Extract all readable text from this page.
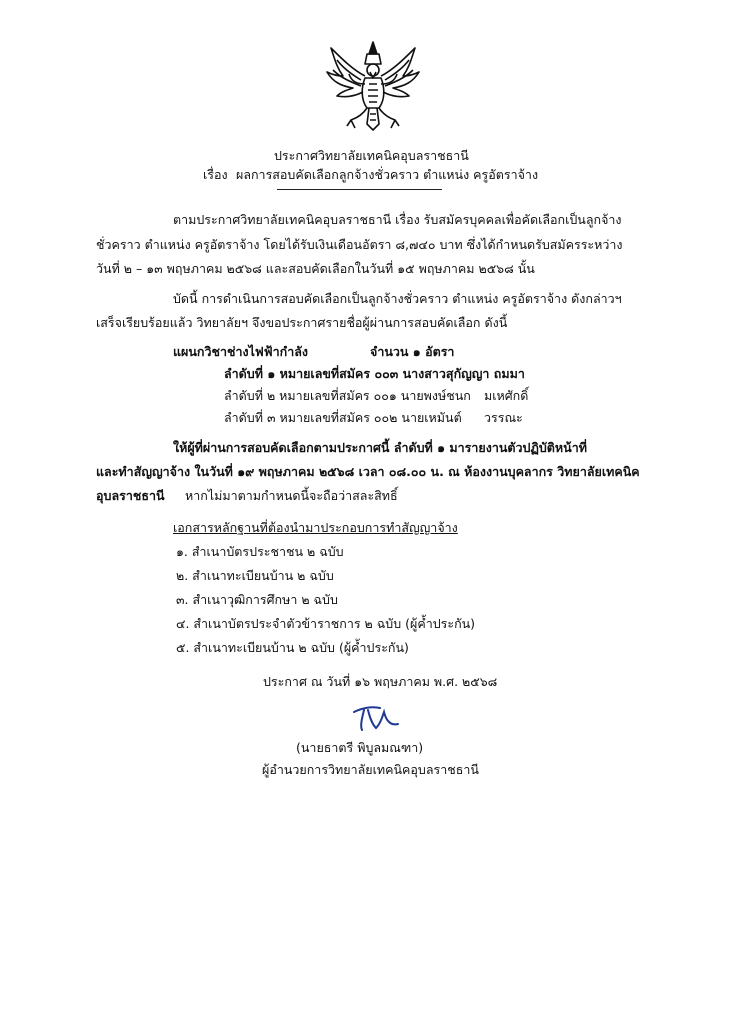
ประกาศวิทยาลัยเทคนิคอุบลราชธานี
เรื่อง ผลการสอบคัดเลือกลูกจ้างชั่วคราว ตำแหน่ง ครูอัตราจ้าง
ตามประกาศวิทยาลัยเทคนิคอุบลราชธานี เรื่อง รับสมัครบุคคลเพื่อคัดเลือกเป็นลูกจ้าง
ชั่วคราว ตำแหน่ง ครูอัตราจ้าง โดยได้รับเงินเดือนอัตรา ๘,๗๔๐ บาท ซึ่งได้กำหนดรับสมัครระหว่าง
วันที่ ๒ – ๑๓ พฤษภาคม ๒๕๖๘ และสอบคัดเลือกในวันที่ ๑๕ พฤษภาคม ๒๕๖๘ นั้น
บัดนี้ การดำเนินการสอบคัดเลือกเป็นลูกจ้างชั่วคราว ตำแหน่ง ครูอัตราจ้าง ดังกล่าวฯ
เสร็จเรียบร้อยแล้ว วิทยาลัยฯ จึงขอประกาศรายชื่อผู้ผ่านการสอบคัดเลือก ดังนี้
แผนกวิชาช่างไฟฟ้ากำลัง	จำนวน ๑ อัตรา
ลำดับที่ ๑ หมายเลขที่สมัคร ๐๐๓ นางสาวสุกัญญา ถมมา
ลำดับที่ ๒ หมายเลขที่สมัคร ๐๐๑ นายพงษ์ชนก มเหศักดิ์
ลำดับที่ ๓ หมายเลขที่สมัคร ๐๐๒ นายเหมันต์ วรรณะ
ให้ผู้ที่ผ่านการสอบคัดเลือกตามประกาศนี้ ลำดับที่ ๑ มารายงานตัวปฏิบัติหน้าที่
และทำสัญญาจ้าง ในวันที่ ๑๙ พฤษภาคม ๒๕๖๘ เวลา ๐๘.๐๐ น. ณ ห้องงานบุคลากร วิทยาลัยเทคนิค
อุบลราชธานี หากไม่มาตามกำหนดนี้จะถือว่าสละสิทธิ์
เอกสารหลักฐานที่ต้องนำมาประกอบการทำสัญญาจ้าง
๑. สำเนาบัตรประชาชน ๒ ฉบับ
๒. สำเนาทะเบียนบ้าน ๒ ฉบับ
๓. สำเนาวุฒิการศึกษา ๒ ฉบับ
๔. สำเนาบัตรประจำตัวข้าราชการ ๒ ฉบับ (ผู้ค้ำประกัน)
๕. สำเนาทะเบียนบ้าน ๒ ฉบับ (ผู้ค้ำประกัน)
ประกาศ ณ วันที่ ๑๖ พฤษภาคม พ.ศ. ๒๕๖๘
(นายธาตรี พิบูลมณฑา)
ผู้อำนวยการวิทยาลัยเทคนิคอุบลราชธานี
